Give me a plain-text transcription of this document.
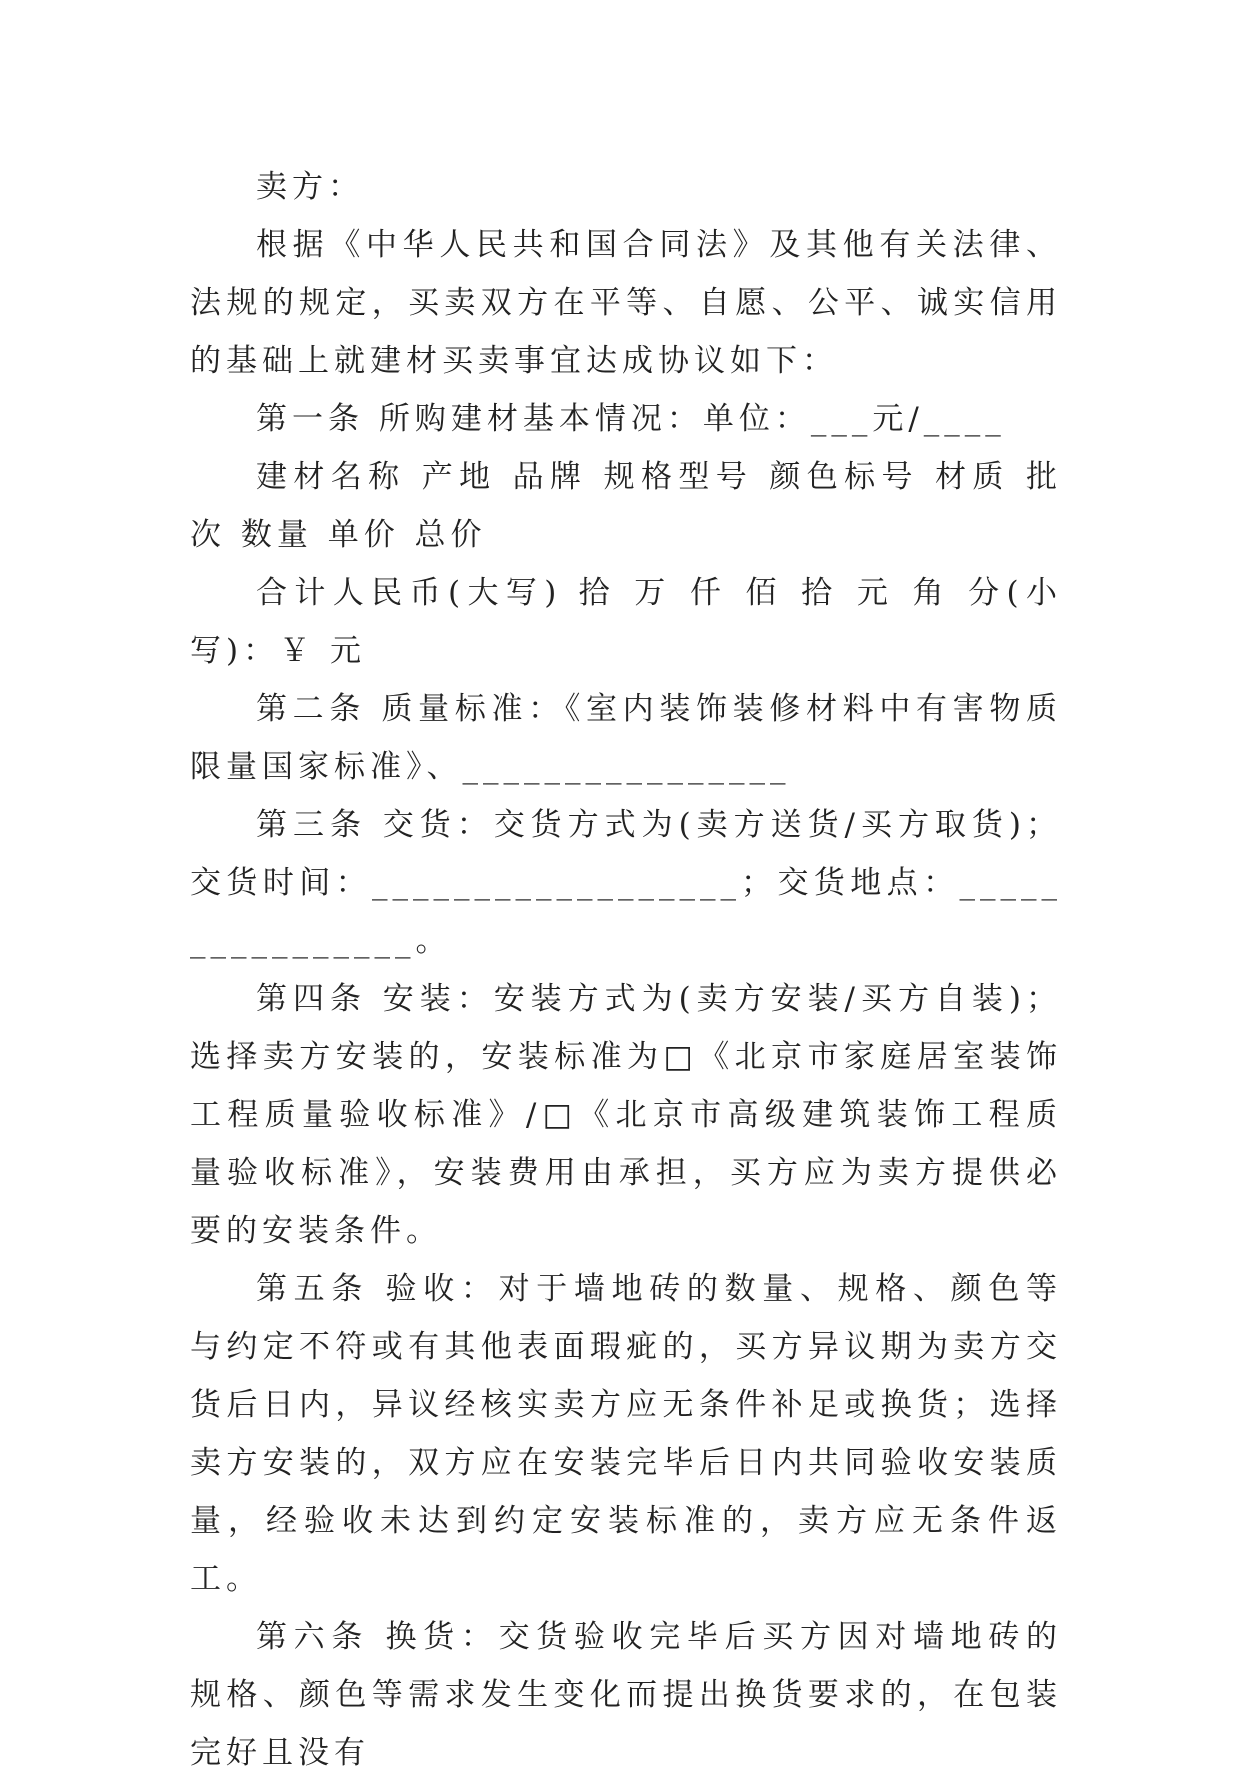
卖方：

根据《中华人民共和国合同法》及其他有关法律、法规的规定，买卖双方在平等、自愿、公平、诚实信用的基础上就建材买卖事宜达成协议如下：

第一条 所购建材基本情况：单位：___元/____

建材名称 产地 品牌 规格型号 颜色标号 材质 批次 数量 单价 总价

合计人民币(大写) 拾 万 仟 佰 拾 元 角 分(小写)：￥ 元

第二条 质量标准：《室内装饰装修材料中有害物质限量国家标准》、________________

第三条 交货：交货方式为(卖方送货/买方取货)；交货时间：__________________；交货地点：________________。

第四条 安装：安装方式为(卖方安装/买方自装)；选择卖方安装的，安装标准为□《北京市家庭居室装饰工程质量验收标准》/□《北京市高级建筑装饰工程质量验收标准》，安装费用由承担，买方应为卖方提供必要的安装条件。

第五条 验收：对于墙地砖的数量、规格、颜色等与约定不符或有其他表面瑕疵的，买方异议期为卖方交货后日内，异议经核实卖方应无条件补足或换货；选择卖方安装的，双方应在安装完毕后日内共同验收安装质量，经验收未达到约定安装标准的，卖方应无条件返工。

第六条 换货：交货验收完毕后买方因对墙地砖的规格、颜色等需求发生变化而提出换货要求的，在包装完好且没有
